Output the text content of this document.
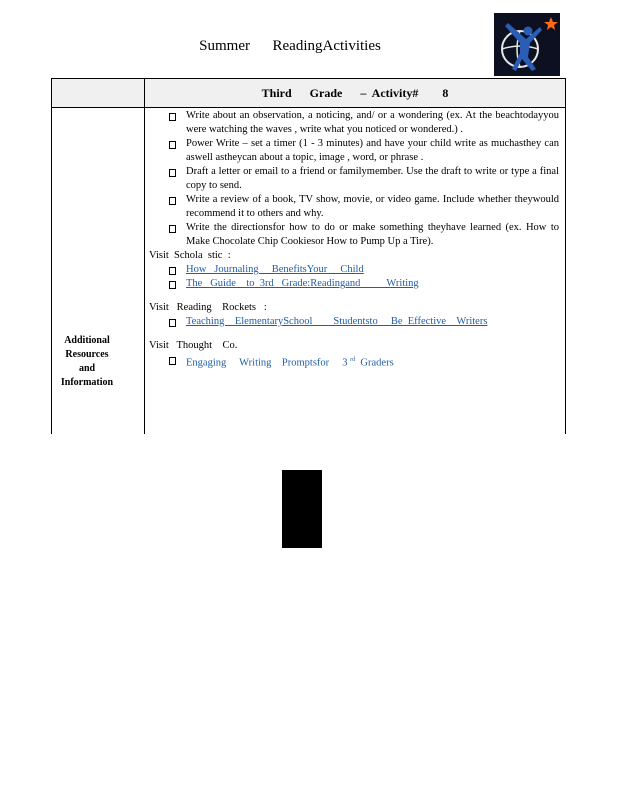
Summer      ReadingActivities
Third      Grade      –  Activity#        8
Additional
Resources
and
Information
Write about an observation, a noticing, and/ or a wondering (ex. At the beachtodayyou were watching the waves , write what you noticed or wondered.) .
Power Write – set a timer (1 - 3 minutes) and have your child write as muchasthey can aswell astheycan about a topic, image , word, or phrase .
Draft a letter or email to a friend or familymember. Use the draft to write or type a final copy to send.
Write a review of a book, TV show, movie, or video game. Include whether theywould recommend it to others and why.
Write the directionsfor how to do or make something theyhave learned (ex. How to Make Chocolate Chip Cookiesor How to Pump Up a Tire).
Visit  Schola  stic  :
How   Journaling     BenefitsYour     Child
The   Guide    to  3rd   Grade:Readingand          Writing
Visit   Reading    Rockets   :
Teaching    ElementarySchool        Studentsto     Be  Effective    Writers
Visit   Thought    Co.
Engaging     Writing    Promptsfor     3 $^{rd}$  Graders
